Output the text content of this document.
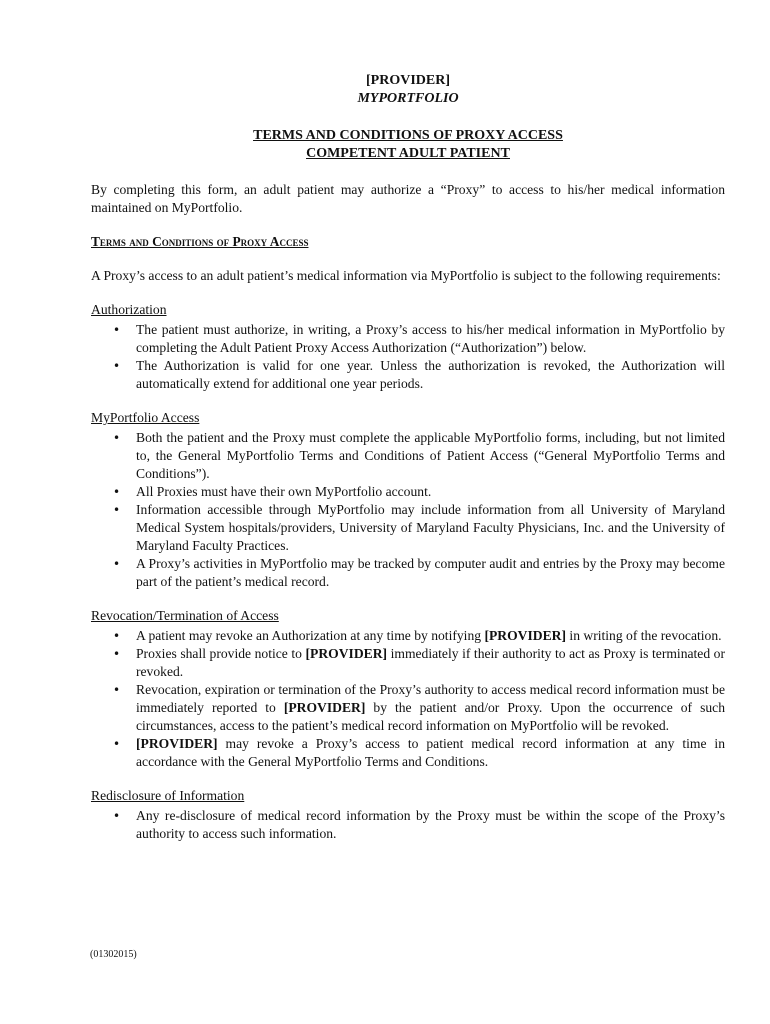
[PROVIDER]
MYPORTFOLIO
TERMS AND CONDITIONS OF PROXY ACCESS
COMPETENT ADULT PATIENT

By completing this form, an adult patient may authorize a “Proxy” to access to his/her medical information maintained on MyPortfolio.

Terms and Conditions of Proxy Access

A Proxy’s access to an adult patient’s medical information via MyPortfolio is subject to the following requirements:

Authorization
• The patient must authorize, in writing, a Proxy’s access to his/her medical information in MyPortfolio by completing the Adult Patient Proxy Access Authorization (“Authorization”) below.
• The Authorization is valid for one year. Unless the authorization is revoked, the Authorization will automatically extend for additional one year periods.
MyPortfolio Access
• Both the patient and the Proxy must complete the applicable MyPortfolio forms, including, but not limited to, the General MyPortfolio Terms and Conditions of Patient Access (“General MyPortfolio Terms and Conditions”).
• All Proxies must have their own MyPortfolio account.
• Information accessible through MyPortfolio may include information from all University of Maryland Medical System hospitals/providers, University of Maryland Faculty Physicians, Inc. and the University of Maryland Faculty Practices.
• A Proxy’s activities in MyPortfolio may be tracked by computer audit and entries by the Proxy may become part of the patient’s medical record.
Revocation/Termination of Access
• A patient may revoke an Authorization at any time by notifying [PROVIDER] in writing of the revocation.
• Proxies shall provide notice to [PROVIDER] immediately if their authority to act as Proxy is terminated or revoked.
• Revocation, expiration or termination of the Proxy’s authority to access medical record information must be immediately reported to [PROVIDER] by the patient and/or Proxy. Upon the occurrence of such circumstances, access to the patient’s medical record information on MyPortfolio will be revoked.
• [PROVIDER] may revoke a Proxy’s access to patient medical record information at any time in accordance with the General MyPortfolio Terms and Conditions.
Redisclosure of Information
• Any re-disclosure of medical record information by the Proxy must be within the scope of the Proxy’s authority to access such information.
(01302015)
